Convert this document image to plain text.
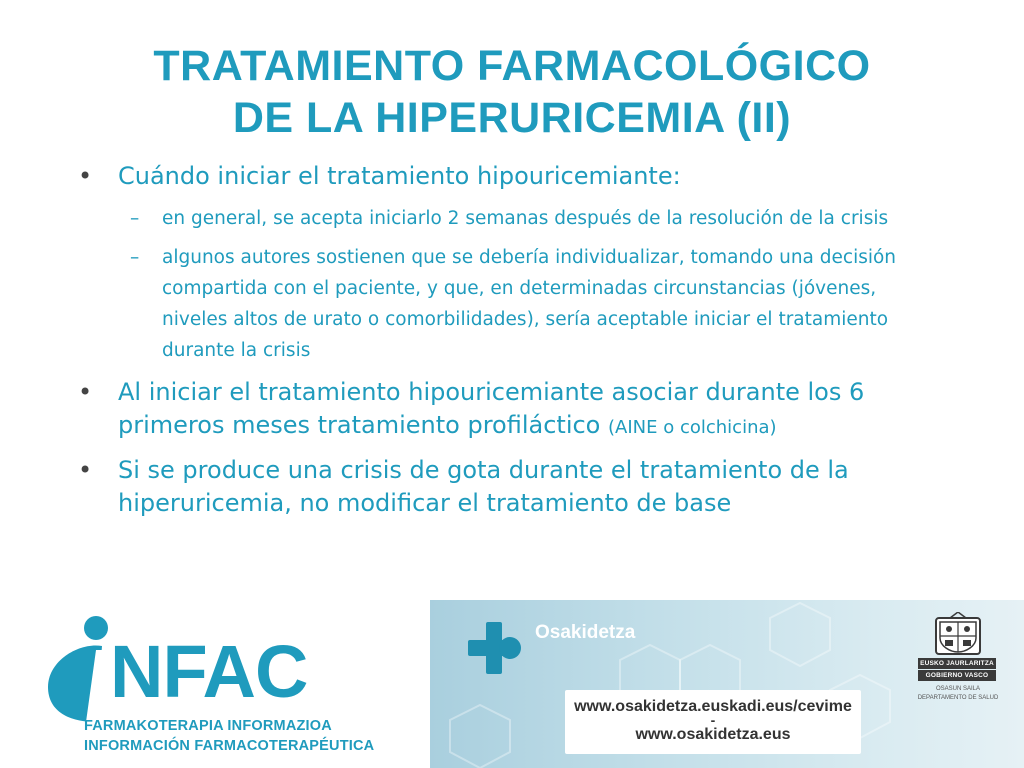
TRATAMIENTO FARMACOLÓGICO
DE LA HIPERURICEMIA (II)
• Cuándo iniciar el tratamiento hipouricemiante:
– en general, se acepta iniciarlo 2 semanas después de la resolución de la crisis
– algunos autores sostienen que se debería individualizar, tomando una decisión compartida con el paciente, y que, en determinadas circunstancias (jóvenes, niveles altos de urato o comorbilidades), sería aceptable iniciar el tratamiento durante la crisis
• Al iniciar el tratamiento hipouricemiante asociar durante los 6 primeros meses tratamiento profiláctico (AINE o colchicina)
• Si se produce una crisis de gota durante el tratamiento de la hiperuricemia, no modificar el tratamiento de base
NFAC
FARMAKOTERAPIA INFORMAZIOA
INFORMACIÓN FARMACOTERAPÉUTICA
Osakidetza
www.osakidetza.euskadi.eus/cevime
-
www.osakidetza.eus
EUSKO JAURLARITZA
GOBIERNO VASCO
OSASUN SAILA
DEPARTAMENTO DE SALUD
